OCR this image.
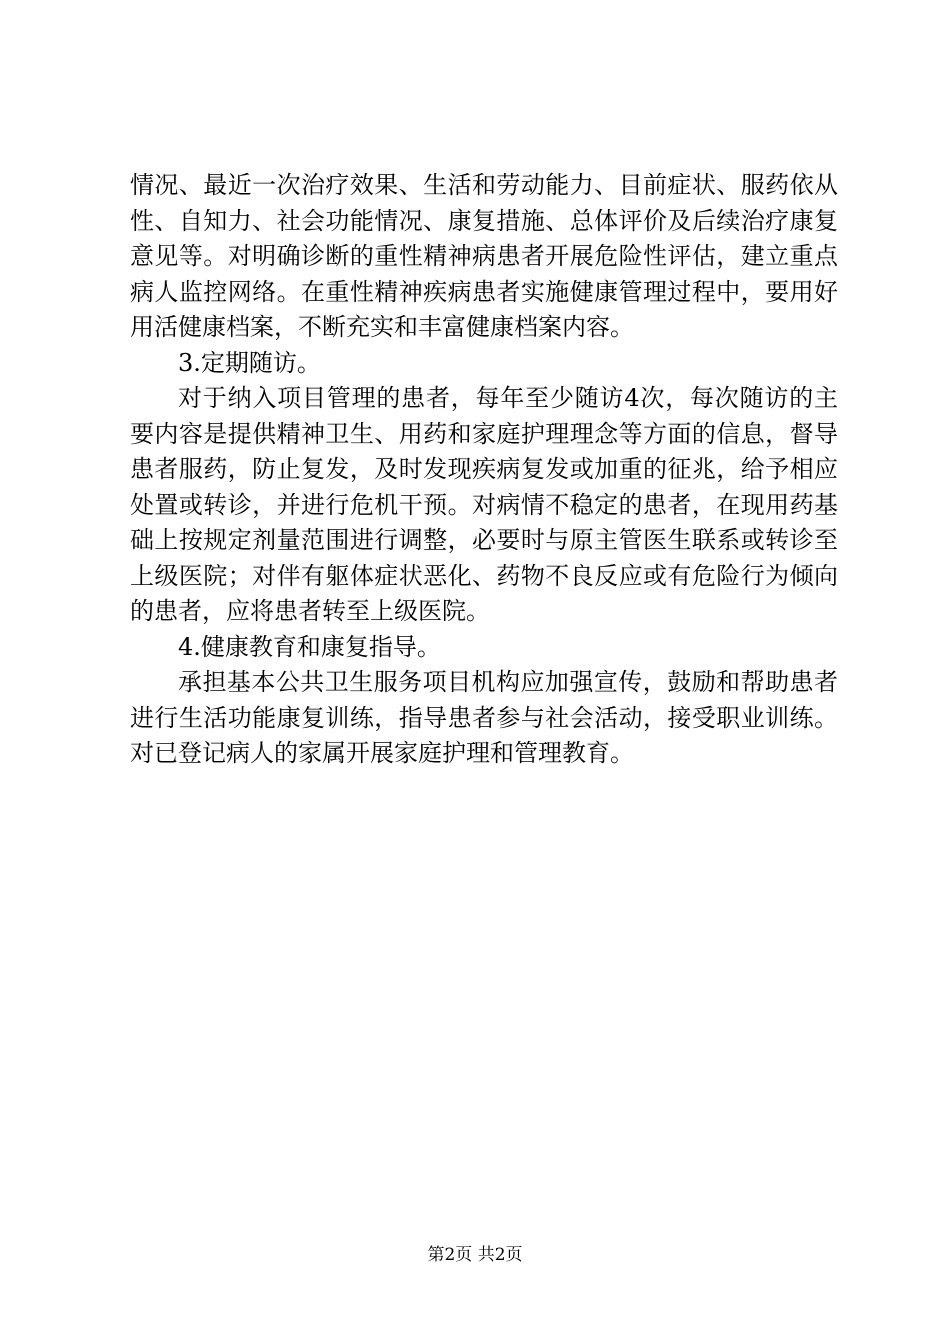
情况、最近一次治疗效果、生活和劳动能力、目前症状、服药依从性、自知力、社会功能情况、康复措施、总体评价及后续治疗康复意见等。对明确诊断的重性精神病患者开展危险性评估，建立重点病人监控网络。在重性精神疾病患者实施健康管理过程中，要用好用活健康档案，不断充实和丰富健康档案内容。

3.定期随访。

对于纳入项目管理的患者，每年至少随访4次，每次随访的主要内容是提供精神卫生、用药和家庭护理理念等方面的信息，督导患者服药，防止复发，及时发现疾病复发或加重的征兆，给予相应处置或转诊，并进行危机干预。对病情不稳定的患者，在现用药基础上按规定剂量范围进行调整，必要时与原主管医生联系或转诊至上级医院；对伴有躯体症状恶化、药物不良反应或有危险行为倾向的患者，应将患者转至上级医院。

4.健康教育和康复指导。

承担基本公共卫生服务项目机构应加强宣传，鼓励和帮助患者进行生活功能康复训练，指导患者参与社会活动，接受职业训练。对已登记病人的家属开展家庭护理和管理教育。

第2页 共2页
